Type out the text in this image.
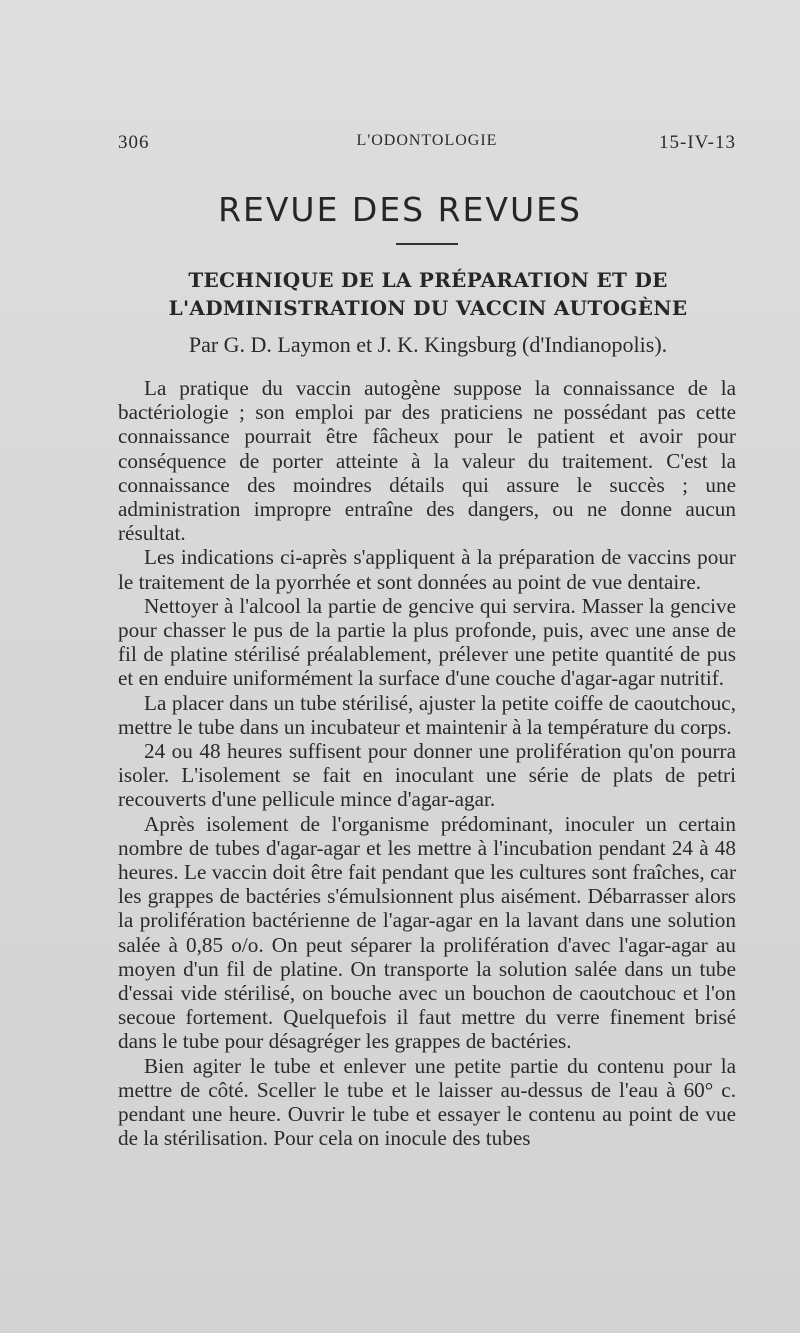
306	L'ODONTOLOGIE	15-IV-13
REVUE DES REVUES
TECHNIQUE DE LA PRÉPARATION ET DE L'ADMINISTRATION DU VACCIN AUTOGÈNE
Par G. D. Laymon et J. K. Kingsburg (d'Indianopolis).

La pratique du vaccin autogène suppose la connaissance de la bactériologie ; son emploi par des praticiens ne possédant pas cette connaissance pourrait être fâcheux pour le patient et avoir pour conséquence de porter atteinte à la valeur du traitement. C'est la connaissance des moindres détails qui assure le succès ; une administration impropre entraîne des dangers, ou ne donne aucun résultat.

Les indications ci-après s'appliquent à la préparation de vaccins pour le traitement de la pyorrhée et sont données au point de vue dentaire.

Nettoyer à l'alcool la partie de gencive qui servira. Masser la gencive pour chasser le pus de la partie la plus profonde, puis, avec une anse de fil de platine stérilisé préalablement, prélever une petite quantité de pus et en enduire uniformément la surface d'une couche d'agar-agar nutritif.

La placer dans un tube stérilisé, ajuster la petite coiffe de caoutchouc, mettre le tube dans un incubateur et maintenir à la température du corps.

24 ou 48 heures suffisent pour donner une prolifération qu'on pourra isoler. L'isolement se fait en inoculant une série de plats de petri recouverts d'une pellicule mince d'agar-agar.

Après isolement de l'organisme prédominant, inoculer un certain nombre de tubes d'agar-agar et les mettre à l'incubation pendant 24 à 48 heures. Le vaccin doit être fait pendant que les cultures sont fraîches, car les grappes de bactéries s'émulsionnent plus aisément. Débarrasser alors la prolifération bactérienne de l'agar-agar en la lavant dans une solution salée à 0,85 o/o. On peut séparer la prolifération d'avec l'agar-agar au moyen d'un fil de platine. On transporte la solution salée dans un tube d'essai vide stérilisé, on bouche avec un bouchon de caoutchouc et l'on secoue fortement. Quelquefois il faut mettre du verre finement brisé dans le tube pour désagréger les grappes de bactéries.

Bien agiter le tube et enlever une petite partie du contenu pour la mettre de côté. Sceller le tube et le laisser au-dessus de l'eau à 60° c. pendant une heure. Ouvrir le tube et essayer le contenu au point de vue de la stérilisation. Pour cela on inocule des tubes
